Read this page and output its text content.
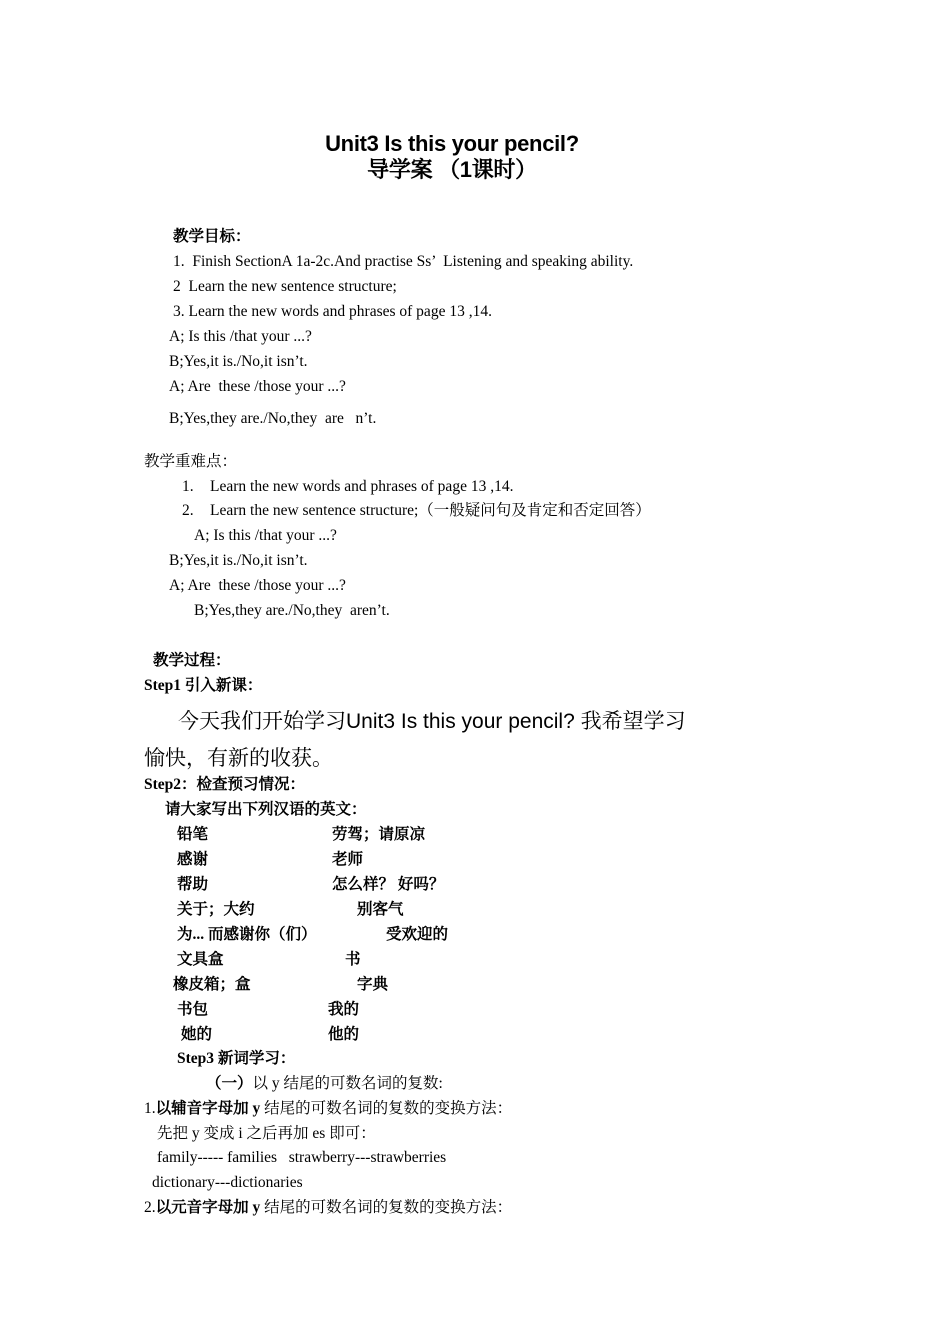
Unit3 Is this your pencil?
导学案 （1课时）
教学目标：
1.  Finish SectionA 1a-2c.And practise Ss’  Listening and speaking ability.
2  Learn the new sentence structure;
3. Learn the new words and phrases of page 13 ,14.
A; Is this /that your ...?
B;Yes,it is./No,it isn’t.
A; Are  these /those your ...?
B;Yes,they are./No,they  are   n’t.
教学重难点：
1. Learn the new words and phrases of page 13 ,14.
2. Learn the new sentence structure;（一般疑问句及肯定和否定回答）
A; Is this /that your ...?
B;Yes,it is./No,it isn’t.
A; Are  these /those your ...?
B;Yes,they are./No,they  aren’t.
教学过程：
Step1 引入新课：
今天我们开始学习Unit3 Is this your pencil? 我希望学习
愉快，有新的收获。
Step2：检查预习情况：
请大家写出下列汉语的英文：
铅笔	劳驾；请原凉
感谢	老师
帮助	怎么样？ 好吗？
关于；大约	别客气
为... 而感谢你（们）	受欢迎的
文具盒	书
橡皮箱；盒	字典
书包	我的
她的	他的
Step3 新词学习：
（一）以 y 结尾的可数名词的复数:
1.以辅音字母加 y 结尾的可数名词的复数的变换方法：
先把 y 变成 i 之后再加 es 即可：
family----- families   strawberry---strawberries
dictionary---dictionaries
2.以元音字母加 y 结尾的可数名词的复数的变换方法：
